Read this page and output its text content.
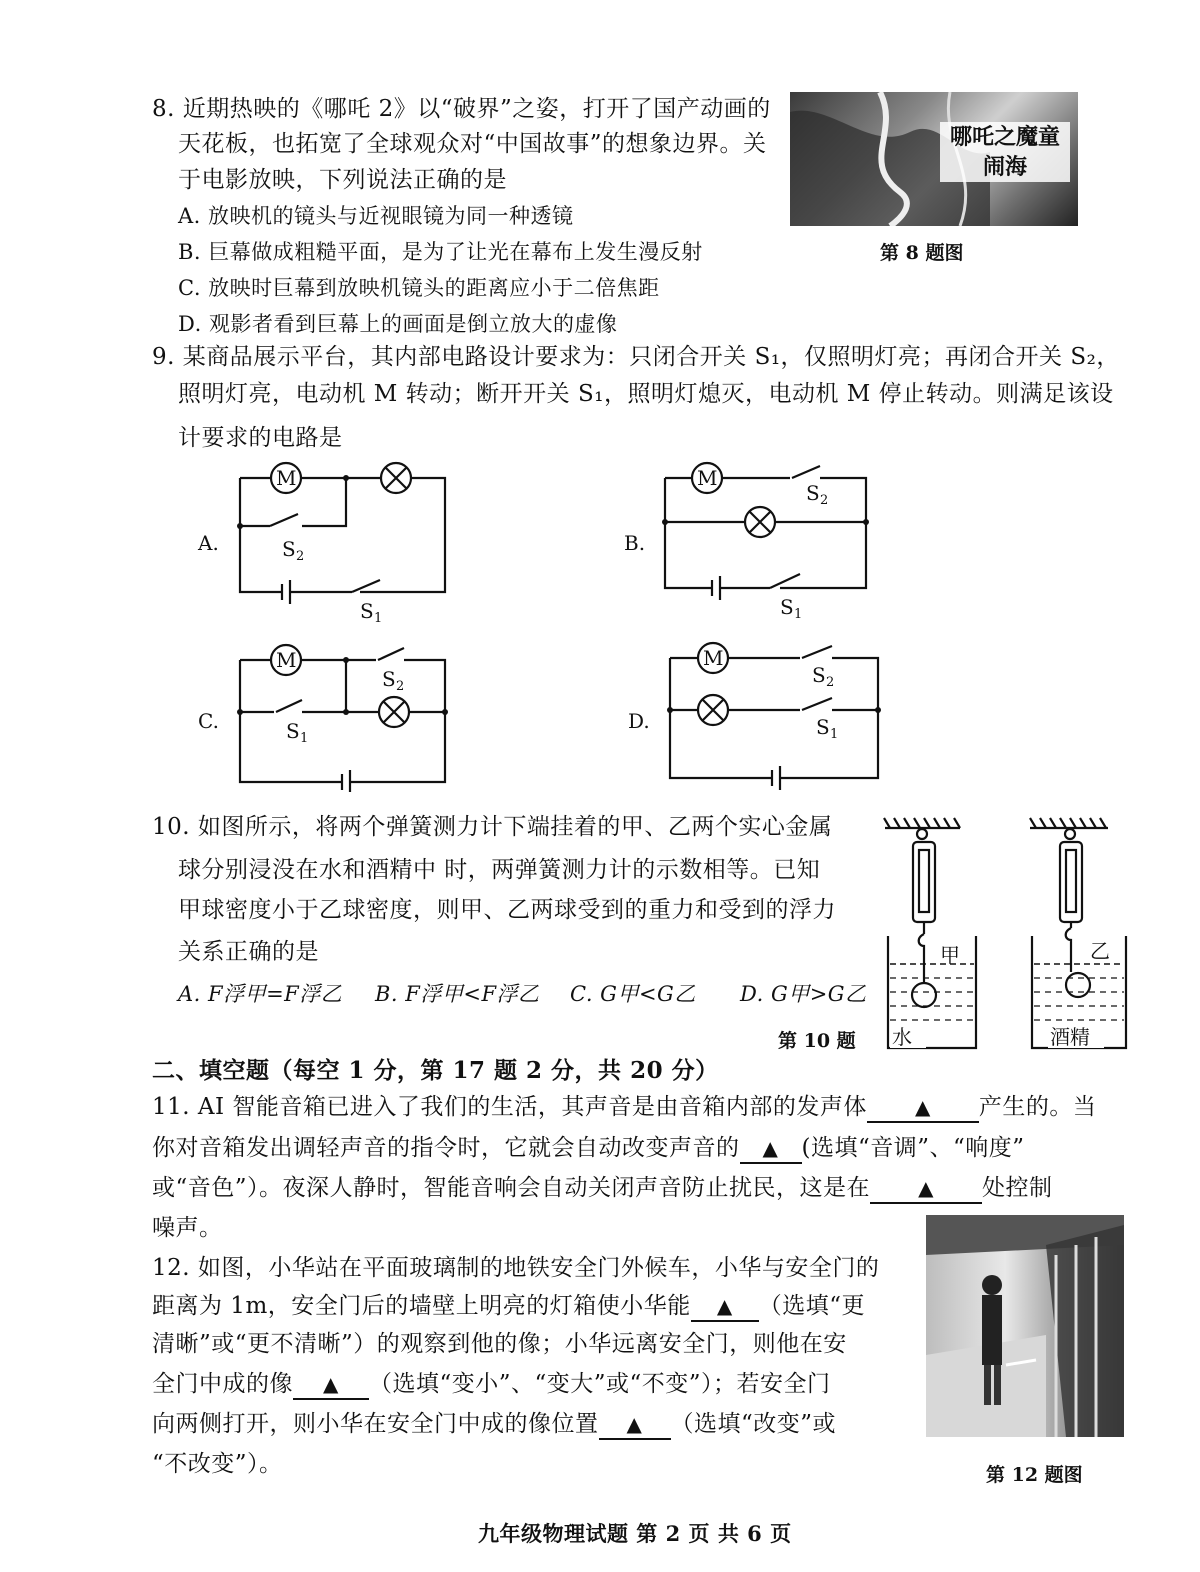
8. 近期热映的《哪吒 2》以“破界”之姿，打开了国产动画的
天花板，也拓宽了全球观众对“中国故事”的想象边界。关
于电影放映，下列说法正确的是
A. 放映机的镜头与近视眼镜为同一种透镜
B. 巨幕做成粗糙平面，是为了让光在幕布上发生漫反射
C. 放映时巨幕到放映机镜头的距离应小于二倍焦距
D. 观影者看到巨幕上的画面是倒立放大的虚像
哪吒之魔童闹海
第 8 题图
9. 某商品展示平台，其内部电路设计要求为：只闭合开关 S₁，仅照明灯亮；再闭合开关 S₂，
照明灯亮，电动机 M 转动；断开开关 S₁，照明灯熄灭，电动机 M 停止转动。则满足该设
计要求的电路是
A.
M
S 2
S 1
B.
M
S 2
S 1
C.
M
S 2
S 1
D.
M
S 2
S 1
10. 如图所示，将两个弹簧测力计下端挂着的甲、乙两个实心金属
球分别浸没在水和酒精中 时，两弹簧测力计的示数相等。已知
甲球密度小于乙球密度，则甲、乙两球受到的重力和受到的浮力
关系正确的是
A. F浮甲=F浮乙 B. F浮甲<F浮乙 C. G甲<G乙 D. G甲>G乙
第 10 题
甲
水
乙
酒精
二、填空题（每空 1 分，第 17 题 2 分，共 20 分）
11. AI 智能音箱已进入了我们的生活，其声音是由音箱内部的发声体 ▲ 产生的。当
你对音箱发出调轻声音的指令时，它就会自动改变声音的 ▲ (选填“音调”、“响度”
或“音色”）。夜深人静时，智能音响会自动关闭声音防止扰民，这是在 ▲ 处控制
噪声。
12. 如图，小华站在平面玻璃制的地铁安全门外候车，小华与安全门的
距离为 1m，安全门后的墙壁上明亮的灯箱使小华能 ▲ （选填“更
清晰”或“更不清晰”）的观察到他的像；小华远离安全门，则他在安
全门中成的像 ▲ （选填“变小”、“变大”或“不变”）；若安全门
向两侧打开，则小华在安全门中成的像位置 ▲ （选填“改变”或
“不改变”）。	第 12 题图
九年级物理试题 第 2 页 共 6 页
